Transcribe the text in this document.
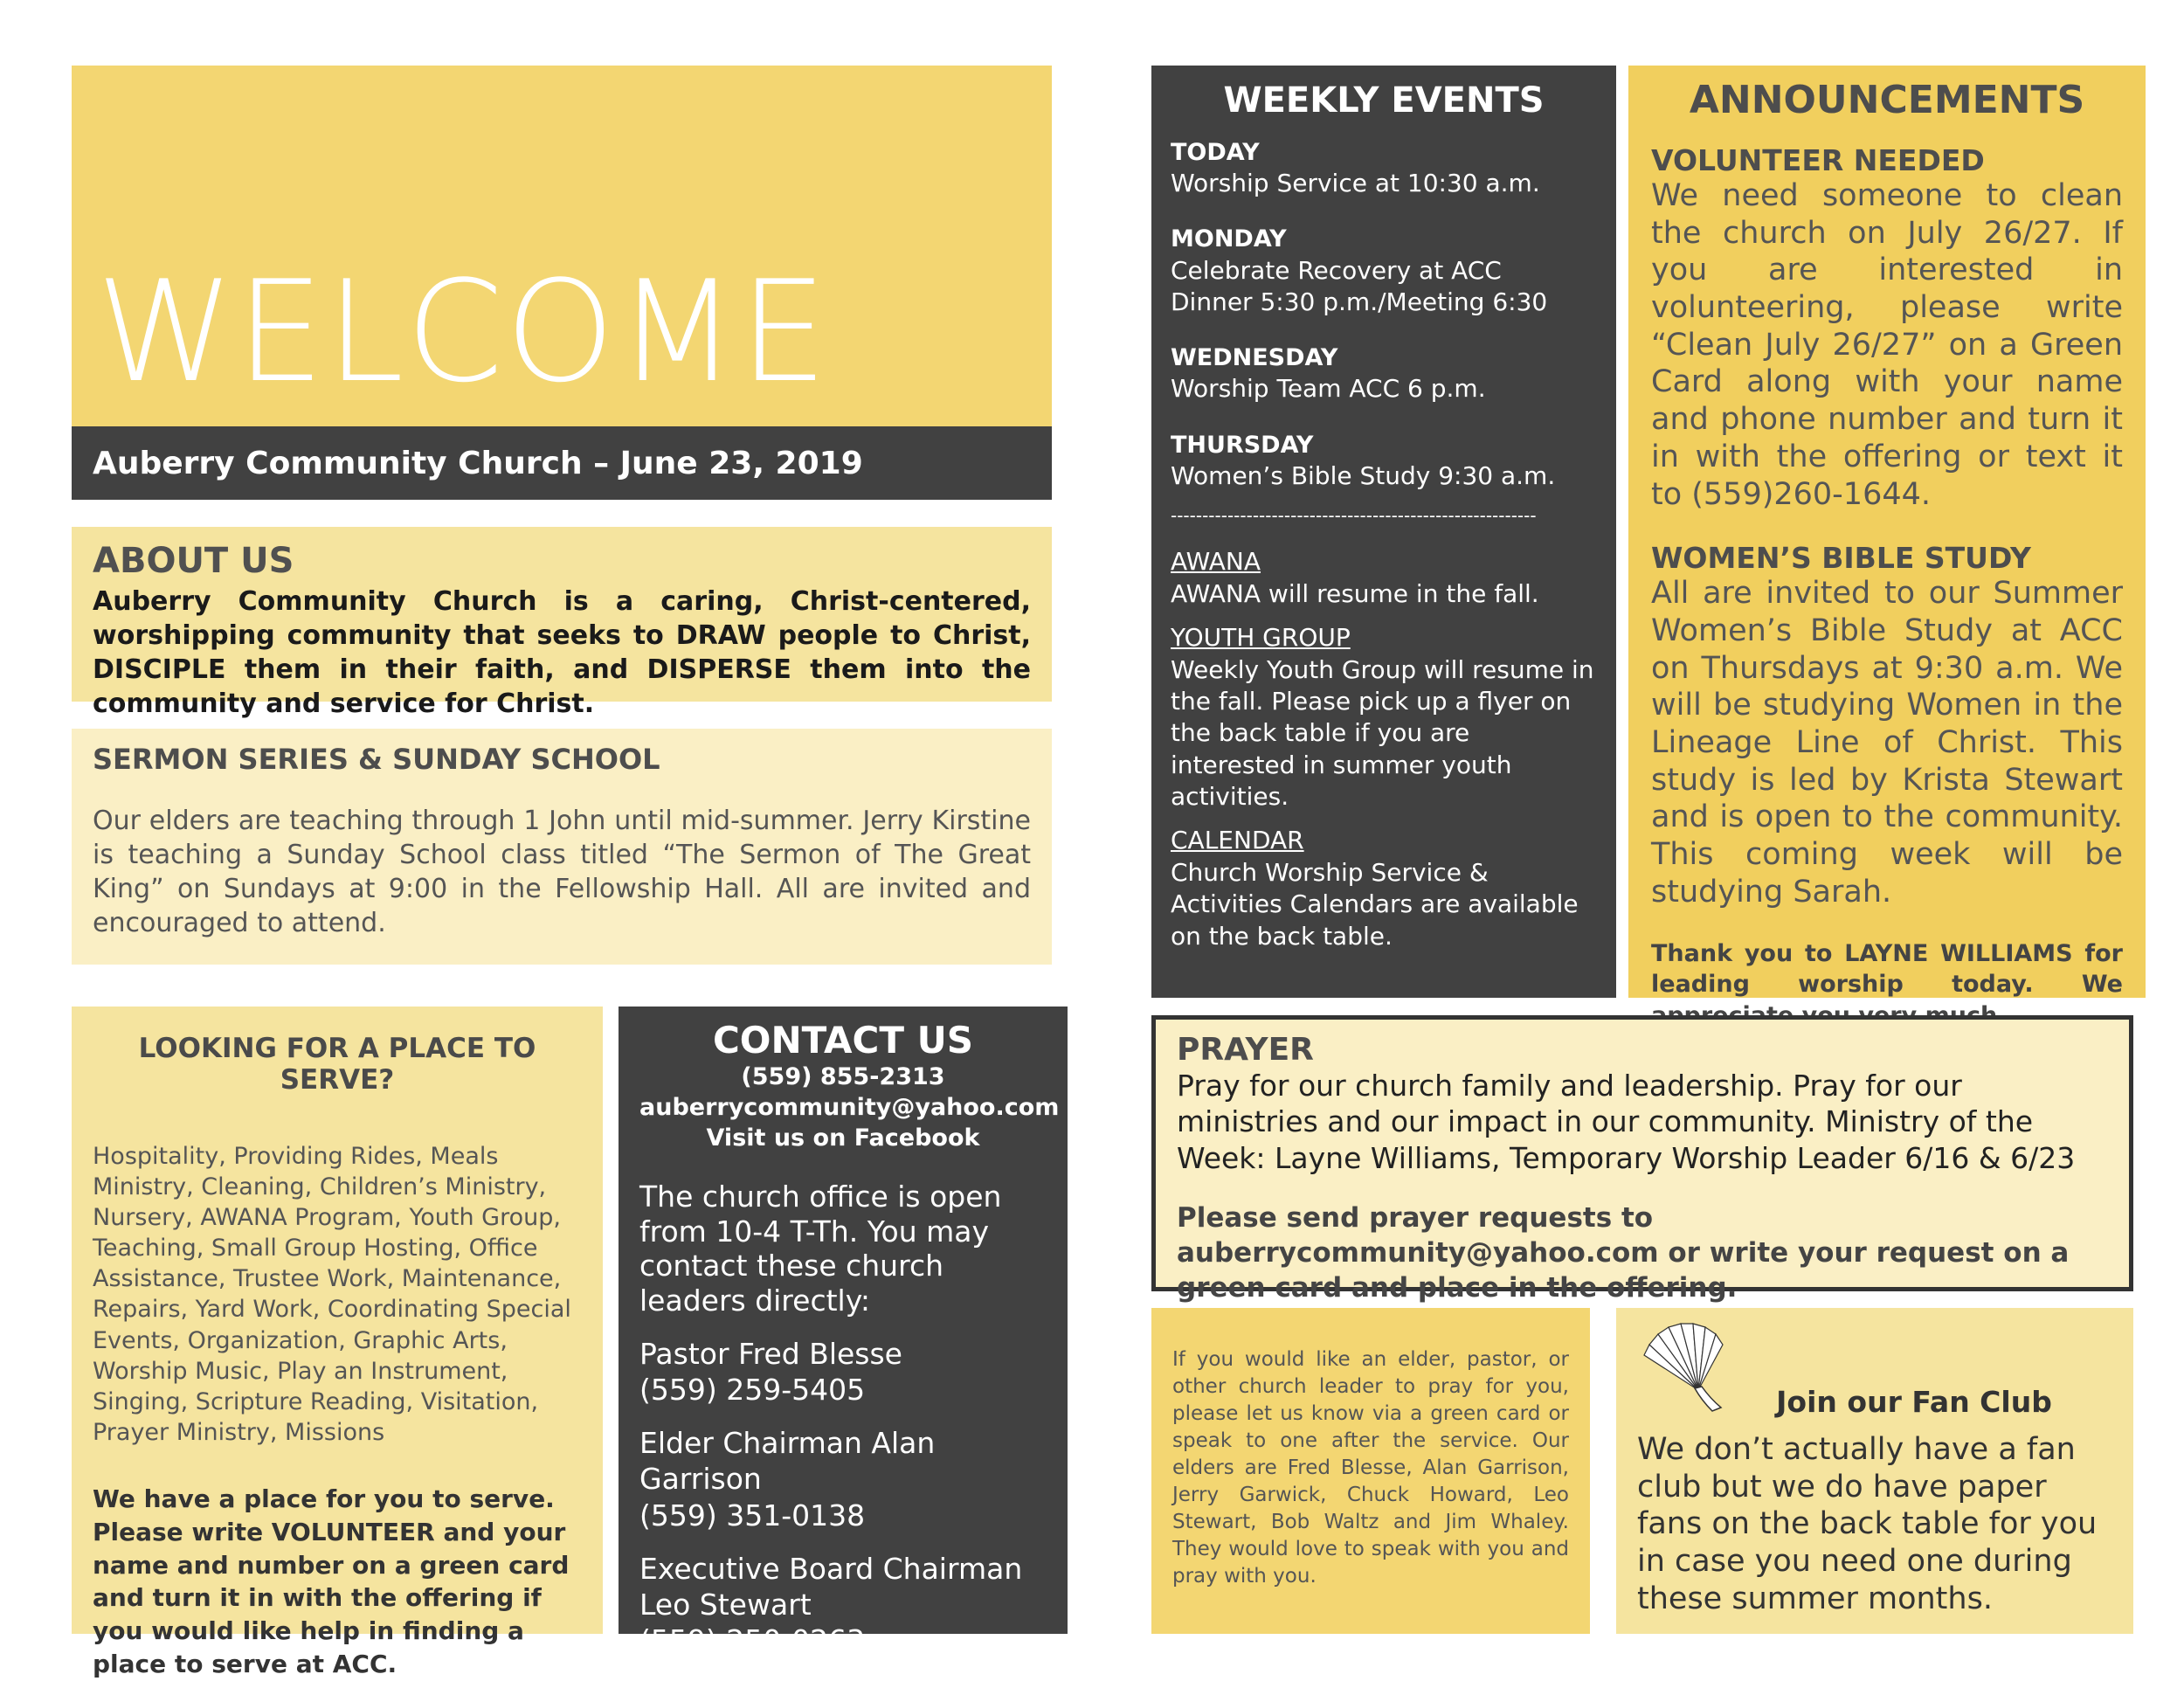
WELCOME
Auberry Community Church – June 23, 2019
ABOUT US

Auberry Community Church is a caring, Christ-centered, worshipping community that seeks to DRAW people to Christ, DISCIPLE them in their faith, and DISPERSE them into the community and service for Christ.

SERMON SERIES & SUNDAY SCHOOL

Our elders are teaching through 1 John until mid-summer. Jerry Kirstine is teaching a Sunday School class titled “The Sermon of The Great King” on Sundays at 9:00 in the Fellowship Hall. All are invited and encouraged to attend.

LOOKING FOR A PLACE TO SERVE?

Hospitality, Providing Rides, Meals Ministry, Cleaning, Children’s Ministry, Nursery, AWANA Program, Youth Group, Teaching, Small Group Hosting, Office Assistance, Trustee Work, Maintenance, Repairs, Yard Work, Coordinating Special Events, Organization, Graphic Arts, Worship Music, Play an Instrument, Singing, Scripture Reading, Visitation, Prayer Ministry, Missions

We have a place for you to serve. Please write VOLUNTEER and your name and number on a green card and turn it in with the offering if you would like help in finding a place to serve at ACC.

CONTACT US
(559) 855-2313
auberrycommunity@yahoo.com
Visit us on Facebook

The church office is open from 10-4 T-Th. You may contact these church leaders directly:

Pastor Fred Blesse
(559) 259-5405
Elder Chairman Alan Garrison
(559) 351-0138
Executive Board Chairman Leo Stewart
(559) 250-0263
WEEKLY EVENTS
TODAY
Worship Service at 10:30 a.m.
MONDAY
Celebrate Recovery at ACC
Dinner 5:30 p.m./Meeting 6:30
WEDNESDAY
Worship Team ACC 6 p.m.
THURSDAY
Women’s Bible Study 9:30 a.m.
----------------------------------------------------------
AWANA
AWANA will resume in the fall.
YOUTH GROUP
Weekly Youth Group will resume in the fall. Please pick up a flyer on the back table if you are interested in summer youth activities.
CALENDAR
Church Worship Service & Activities Calendars are available on the back table.
ANNOUNCEMENTS
VOLUNTEER NEEDED

We need someone to clean the church on July 26/27. If you are interested in volunteering, please write “Clean July 26/27” on a Green Card along with your name and phone number and turn it in with the offering or text it to (559)260-1644.

WOMEN’S BIBLE STUDY

All are invited to our Summer Women’s Bible Study at ACC on Thursdays at 9:30 a.m. We will be studying Women in the Lineage Line of Christ. This study is led by Krista Stewart and is open to the community. This coming week will be studying Sarah.

Thank you to LAYNE WILLIAMS for leading worship today. We

PRAYER

Pray for our church family and leadership. Pray for our ministries and our impact in our community. Ministry of the Week: Layne Williams, Temporary Worship Leader 6/16 & 6/23

Please send prayer requests to auberrycommunity@yahoo.com or write your request on a green card and place in the offering.

If you would like an elder, pastor, or other church leader to pray for you, please let us know via a green card or speak to one after the service. Our elders are Fred Blesse, Alan Garrison, Jerry Garwick, Chuck Howard, Leo Stewart, Bob Waltz and Jim Whaley. They would love to speak with you and pray with you.

Join our Fan Club

We don’t actually have a fan club but we do have paper fans on the back table for you in case you need one during these summer months.
